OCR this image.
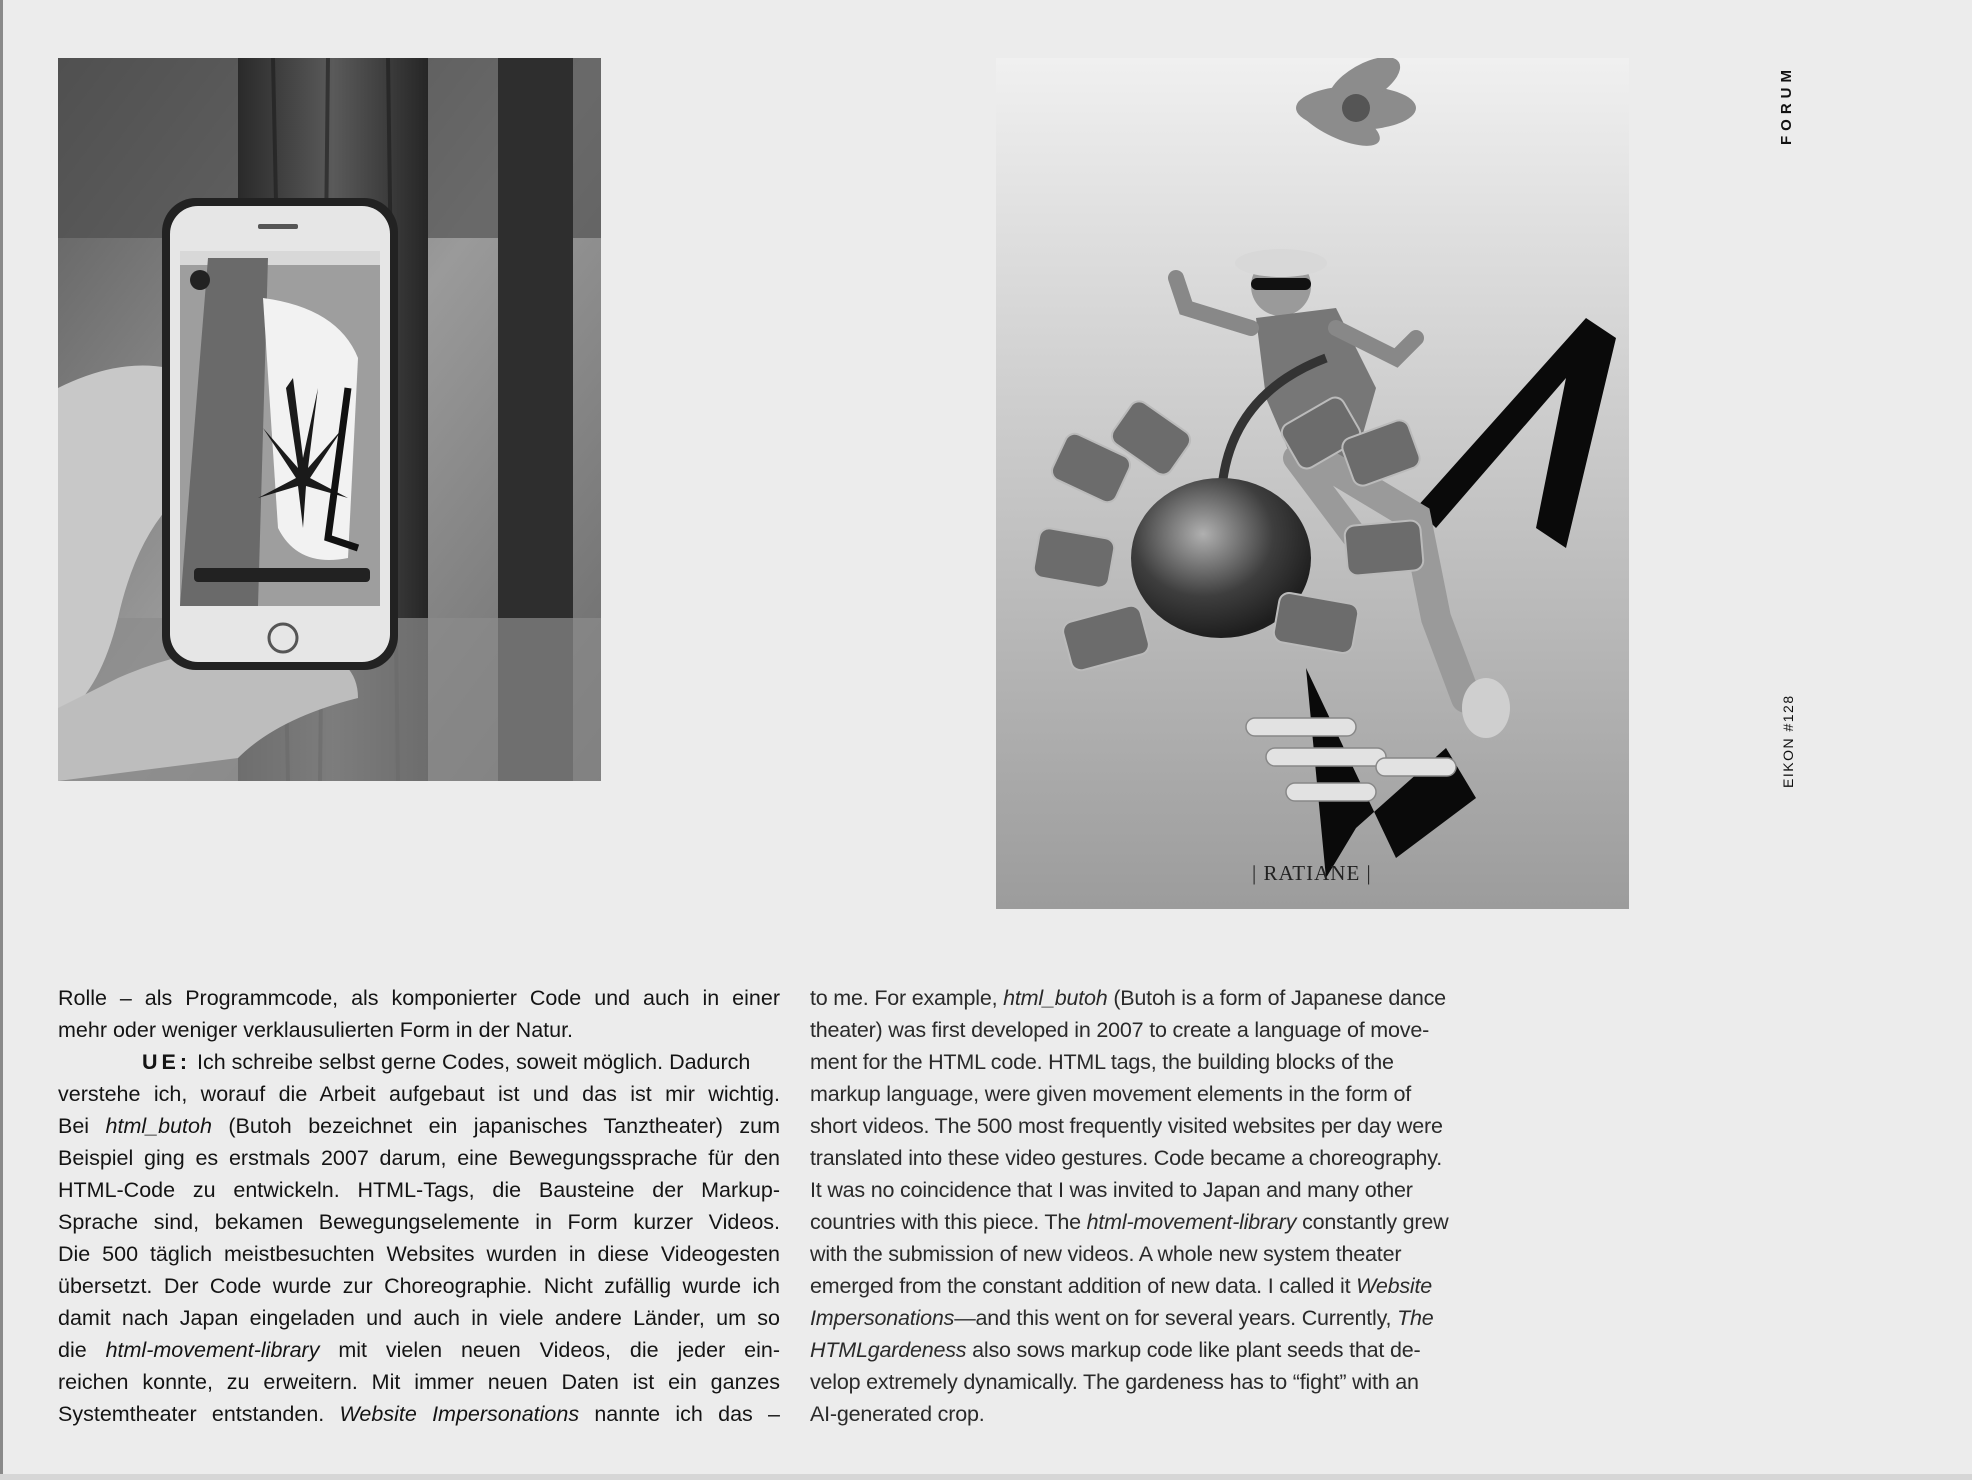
| RATIANE |
FORUM
EIKON #128
Rolle – als Programmcode, als komponierter Code und auch in einer
mehr oder weniger verklausulierten Form in der Natur.
UE: Ich schreibe selbst gerne Codes, soweit möglich. Dadurch
verstehe ich, worauf die Arbeit aufgebaut ist und das ist mir wichtig.
Bei html_butoh (Butoh bezeichnet ein japanisches Tanztheater) zum
Beispiel ging es erstmals 2007 darum, eine Bewegungssprache für den
HTML-Code zu entwickeln. HTML-Tags, die Bausteine der Markup-
Sprache sind, bekamen Bewegungselemente in Form kurzer Videos.
Die 500 täglich meistbesuchten Websites wurden in diese Videogesten
übersetzt. Der Code wurde zur Choreographie. Nicht zufällig wurde ich
damit nach Japan eingeladen und auch in viele andere Länder, um so
die html-movement-library mit vielen neuen Videos, die jeder ein-
reichen konnte, zu erweitern. Mit immer neuen Daten ist ein ganzes
Systemtheater entstanden. Website Impersonations nannte ich das –
to me. For example, html_butoh (Butoh is a form of Japanese dance
theater) was first developed in 2007 to create a language of move-
ment for the HTML code. HTML tags, the building blocks of the
markup language, were given movement elements in the form of
short videos. The 500 most frequently visited websites per day were
translated into these video gestures. Code became a choreography.
It was no coincidence that I was invited to Japan and many other
countries with this piece. The html-movement-library constantly grew
with the submission of new videos. A whole new system theater
emerged from the constant addition of new data. I called it Website
Impersonations—and this went on for several years. Currently, The
HTMLgardeness also sows markup code like plant seeds that de-
velop extremely dynamically. The gardeness has to “fight” with an
AI-generated crop.
